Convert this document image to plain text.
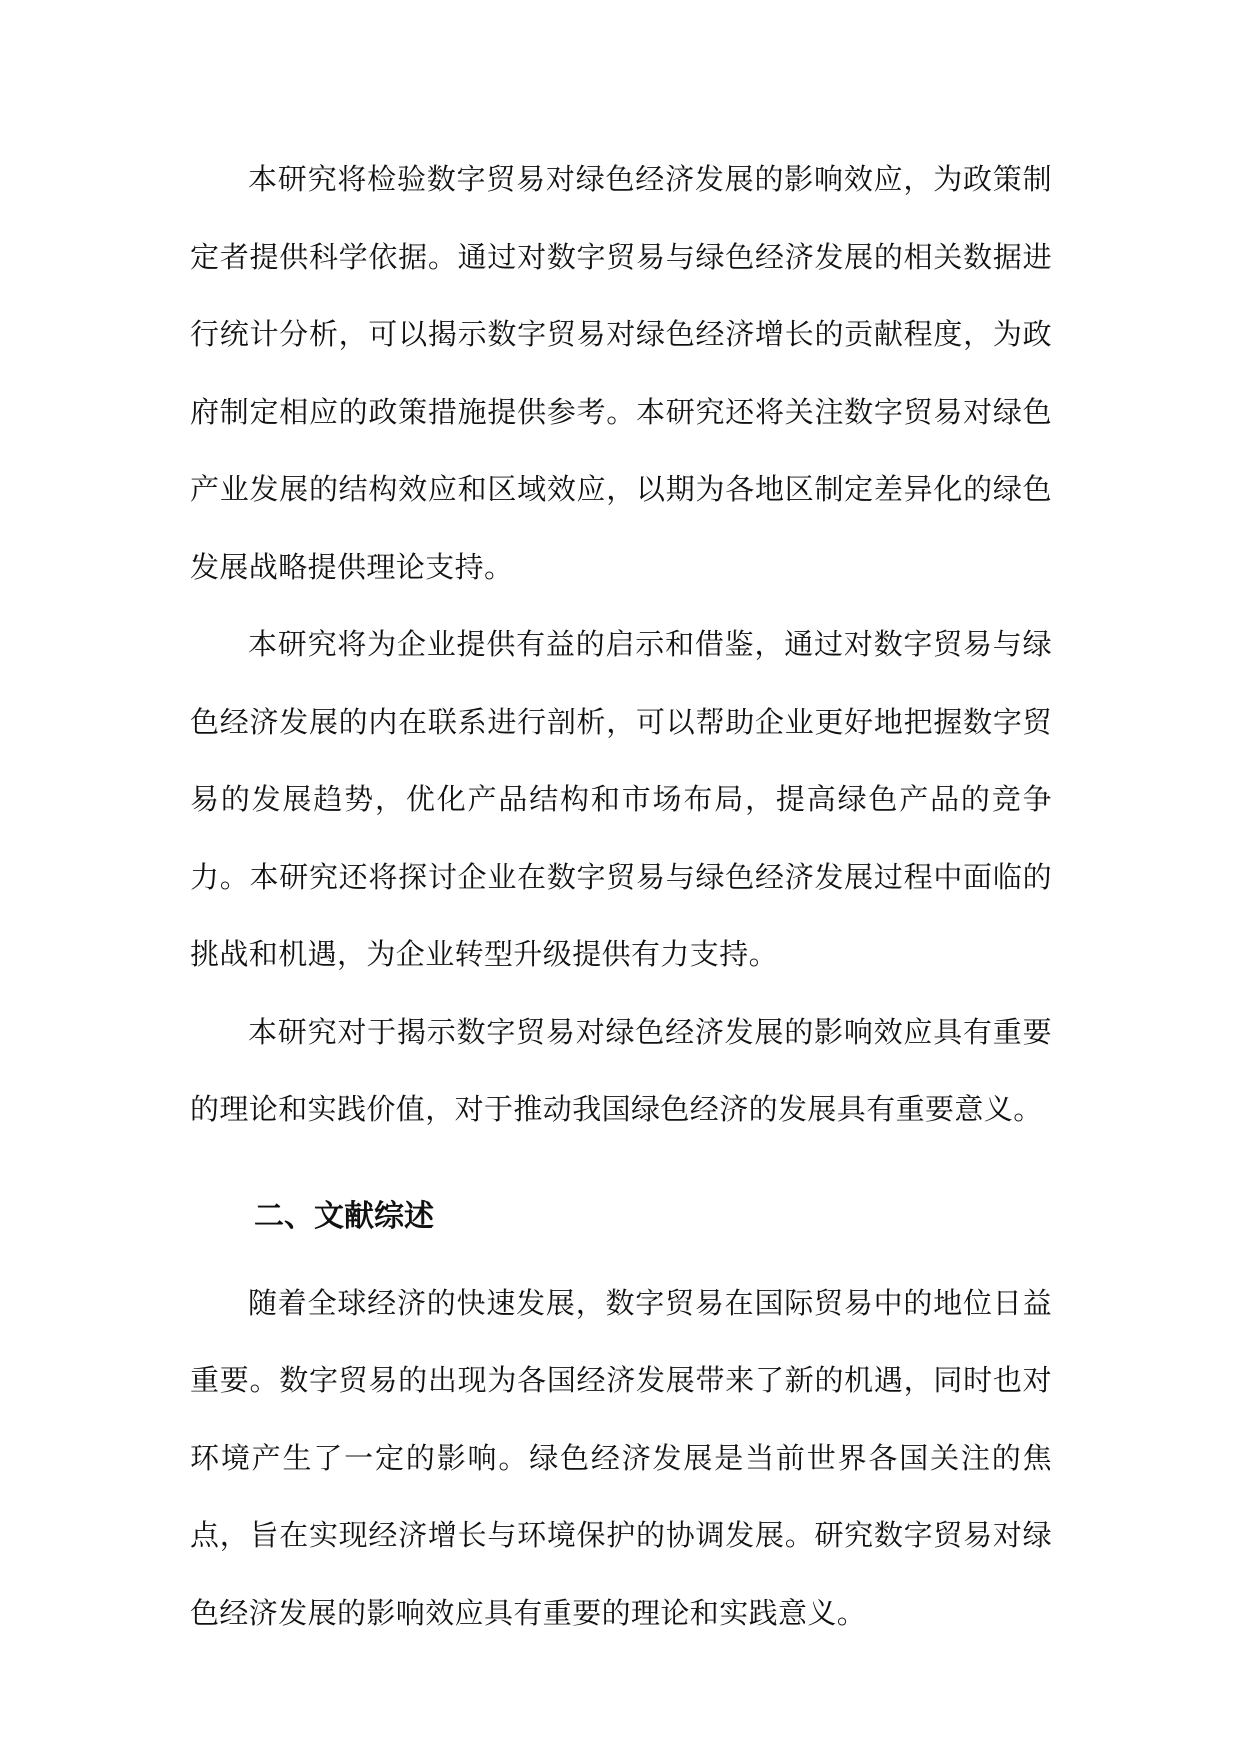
本研究将检验数字贸易对绿色经济发展的影响效应，为政策制定者提供科学依据。通过对数字贸易与绿色经济发展的相关数据进行统计分析，可以揭示数字贸易对绿色经济增长的贡献程度，为政府制定相应的政策措施提供参考。本研究还将关注数字贸易对绿色产业发展的结构效应和区域效应，以期为各地区制定差异化的绿色发展战略提供理论支持。

本研究将为企业提供有益的启示和借鉴，通过对数字贸易与绿色经济发展的内在联系进行剖析，可以帮助企业更好地把握数字贸易的发展趋势，优化产品结构和市场布局，提高绿色产品的竞争力。本研究还将探讨企业在数字贸易与绿色经济发展过程中面临的挑战和机遇，为企业转型升级提供有力支持。

本研究对于揭示数字贸易对绿色经济发展的影响效应具有重要的理论和实践价值，对于推动我国绿色经济的发展具有重要意义。

二、文献综述

随着全球经济的快速发展，数字贸易在国际贸易中的地位日益重要。数字贸易的出现为各国经济发展带来了新的机遇，同时也对环境产生了一定的影响。绿色经济发展是当前世界各国关注的焦点，旨在实现经济增长与环境保护的协调发展。研究数字贸易对绿色经济发展的影响效应具有重要的理论和实践意义。
